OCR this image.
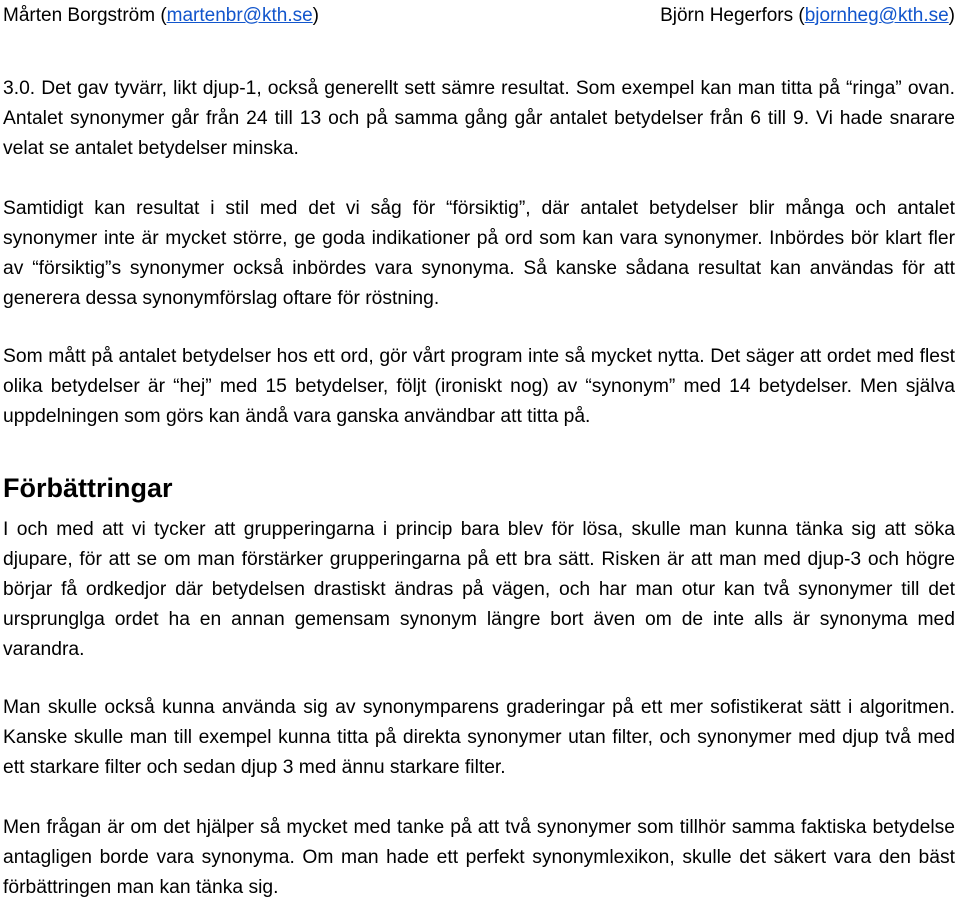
Mårten Borgström (martenbr@kth.se)	Björn Hegerfors (bjornheg@kth.se)

3.0. Det gav tyvärr, likt djup-1, också generellt sett sämre resultat. Som exempel kan man titta på “ringa” ovan. Antalet synonymer går från 24 till 13 och på samma gång går antalet betydelser från 6 till 9. Vi hade snarare velat se antalet betydelser minska.

Samtidigt kan resultat i stil med det vi såg för “försiktig”, där antalet betydelser blir många och antalet synonymer inte är mycket större, ge goda indikationer på ord som kan vara synonymer. Inbördes bör klart fler av “försiktig”s synonymer också inbördes vara synonyma. Så kanske sådana resultat kan användas för att generera dessa synonymförslag oftare för röstning.

Som mått på antalet betydelser hos ett ord, gör vårt program inte så mycket nytta. Det säger att ordet med flest olika betydelser är “hej” med 15 betydelser, följt (ironiskt nog) av “synonym” med 14 betydelser. Men själva uppdelningen som görs kan ändå vara ganska användbar att titta på.

Förbättringar

I och med att vi tycker att grupperingarna i princip bara blev för lösa, skulle man kunna tänka sig att söka djupare, för att se om man förstärker grupperingarna på ett bra sätt. Risken är att man med djup-3 och högre börjar få ordkedjor där betydelsen drastiskt ändras på vägen, och har man otur kan två synonymer till det ursprunglga ordet ha en annan gemensam synonym längre bort även om de inte alls är synonyma med varandra.

Man skulle också kunna använda sig av synonymparens graderingar på ett mer sofistikerat sätt i algoritmen. Kanske skulle man till exempel kunna titta på direkta synonymer utan filter, och synonymer med djup två med ett starkare filter och sedan djup 3 med ännu starkare filter.

Men frågan är om det hjälper så mycket med tanke på att två synonymer som tillhör samma faktiska betydelse antagligen borde vara synonyma. Om man hade ett perfekt synonymlexikon, skulle det säkert vara den bäst förbättringen man kan tänka sig.
